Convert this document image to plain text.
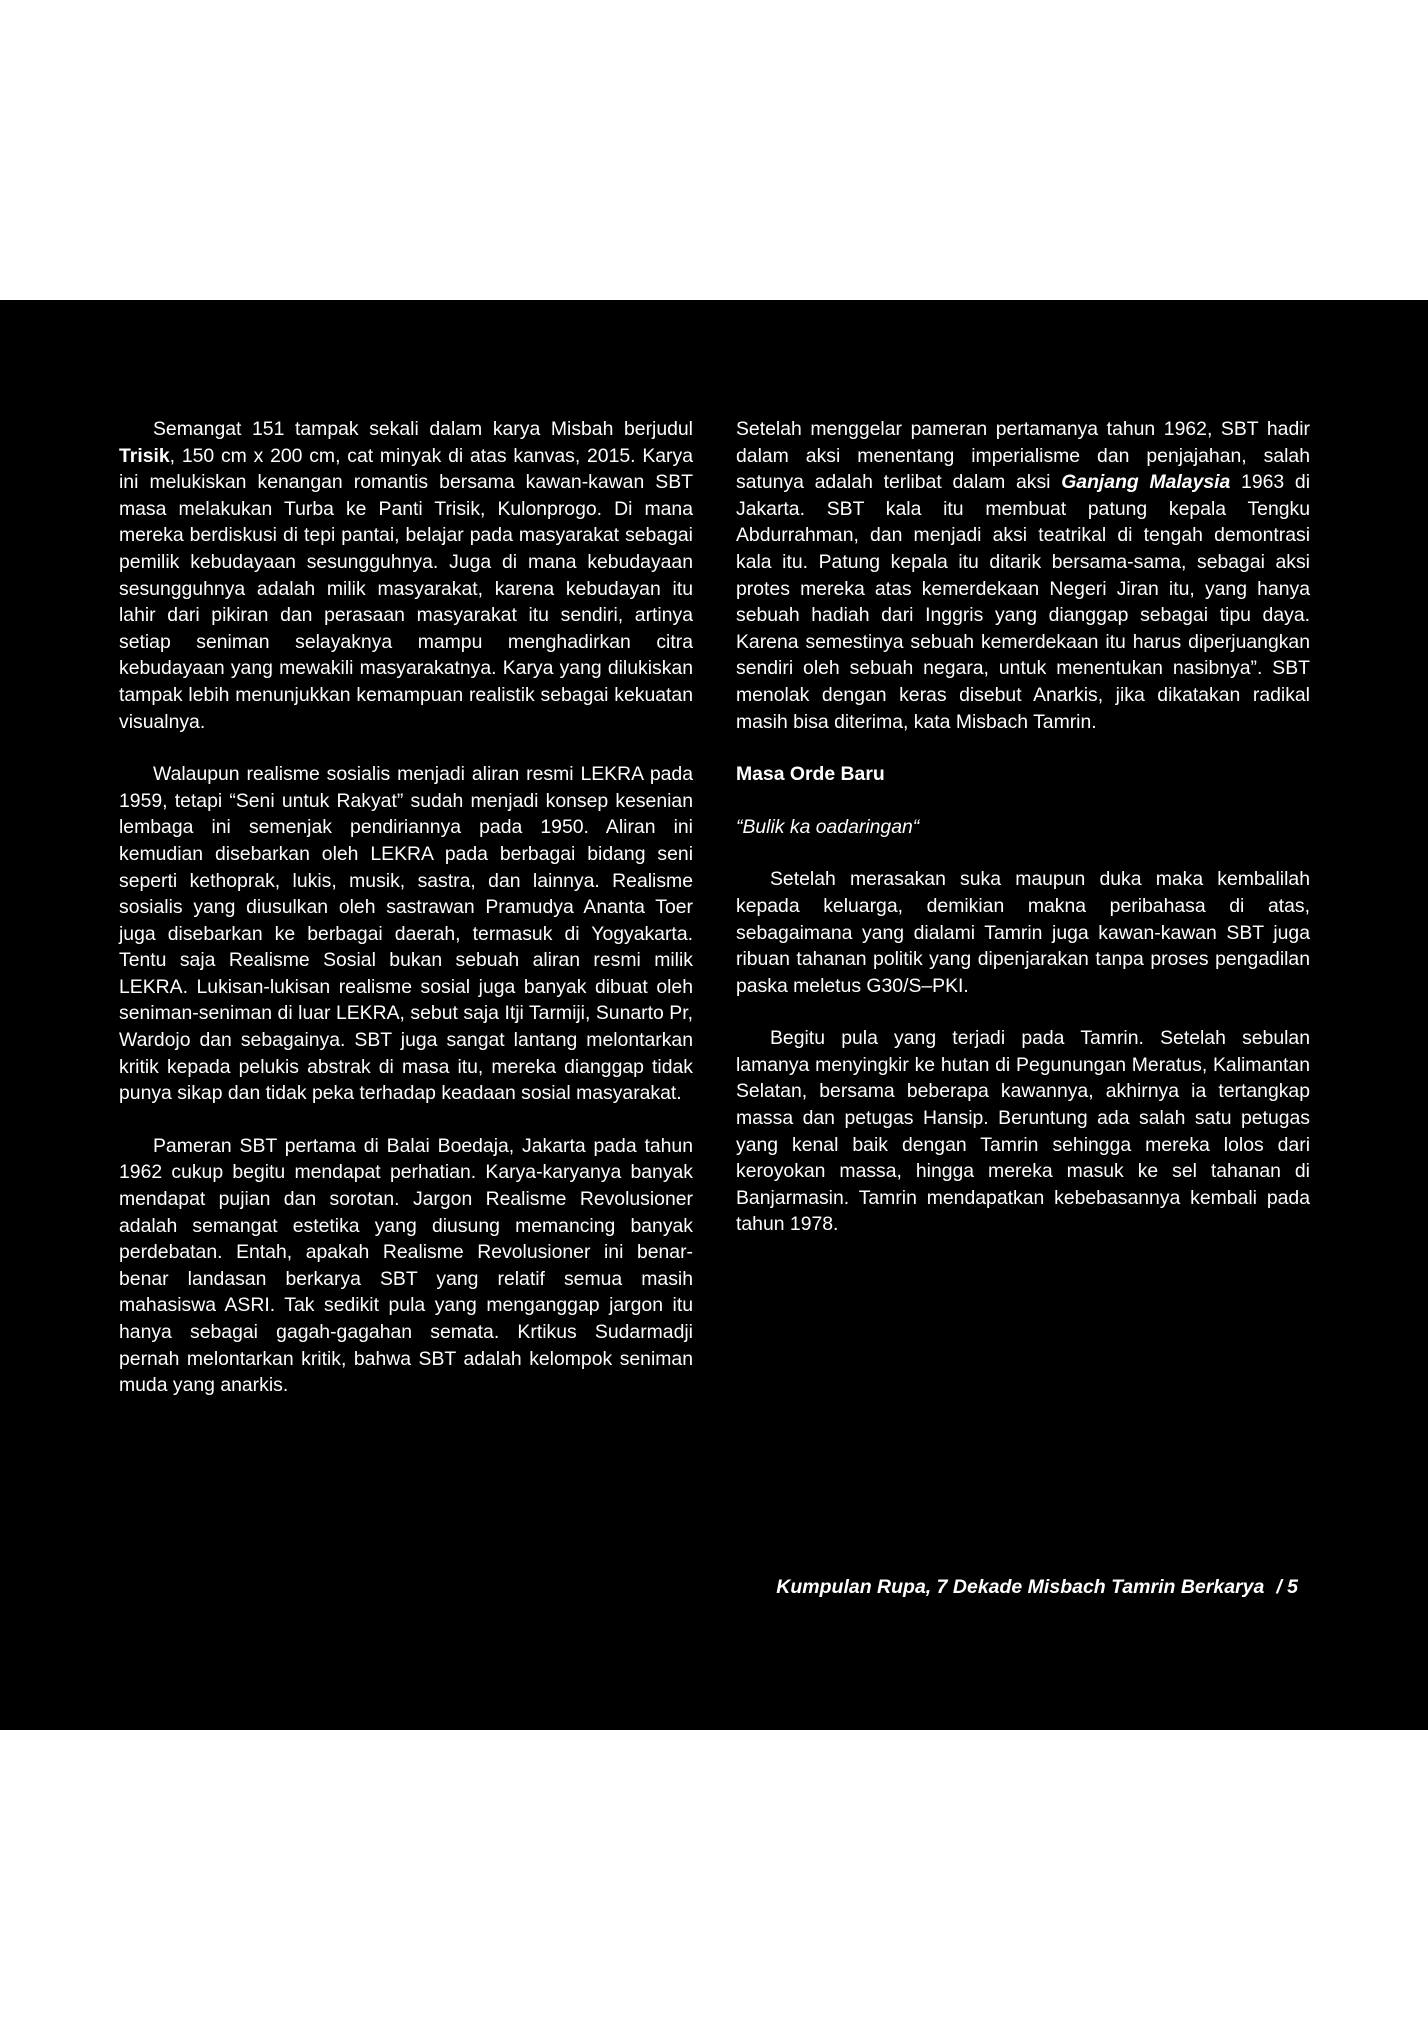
Semangat 151 tampak sekali dalam karya Misbah berjudul Trisik, 150 cm x 200 cm, cat minyak di atas kanvas, 2015. Karya ini melukiskan kenangan romantis bersama kawan-kawan SBT masa melakukan Turba ke Panti Trisik, Kulonprogo. Di mana mereka berdiskusi di tepi pantai, belajar pada masyarakat sebagai pemilik kebudayaan sesungguhnya. Juga di mana kebudayaan sesungguhnya adalah milik masyarakat, karena kebudayan itu lahir dari pikiran dan perasaan masyarakat itu sendiri, artinya setiap seniman selayaknya mampu menghadirkan citra kebudayaan yang mewakili masyarakatnya. Karya yang dilukiskan tampak lebih menunjukkan kemampuan realistik sebagai kekuatan visualnya.

Walaupun realisme sosialis menjadi aliran resmi LEKRA pada 1959, tetapi “Seni untuk Rakyat” sudah menjadi konsep kesenian lembaga ini semenjak pendiriannya pada 1950. Aliran ini kemudian disebarkan oleh LEKRA pada berbagai bidang seni seperti kethoprak, lukis, musik, sastra, dan lainnya. Realisme sosialis yang diusulkan oleh sastrawan Pramudya Ananta Toer juga disebarkan ke berbagai daerah, termasuk di Yogyakarta. Tentu saja Realisme Sosial bukan sebuah aliran resmi milik LEKRA. Lukisan-lukisan realisme sosial juga banyak dibuat oleh seniman-seniman di luar LEKRA, sebut saja Itji Tarmiji, Sunarto Pr, Wardojo dan sebagainya. SBT juga sangat lantang melontarkan kritik kepada pelukis abstrak di masa itu, mereka dianggap tidak punya sikap dan tidak peka terhadap keadaan sosial masyarakat.

Pameran SBT pertama di Balai Boedaja, Jakarta pada tahun 1962 cukup begitu mendapat perhatian. Karya-karyanya banyak mendapat pujian dan sorotan. Jargon Realisme Revolusioner adalah semangat estetika yang diusung memancing banyak perdebatan. Entah, apakah Realisme Revolusioner ini benar-benar landasan berkarya SBT yang relatif semua masih mahasiswa ASRI. Tak sedikit pula yang menganggap jargon itu hanya sebagai gagah-gagahan semata. Krtikus Sudarmadji pernah melontarkan kritik, bahwa SBT adalah kelompok seniman muda yang anarkis.

Setelah menggelar pameran pertamanya tahun 1962, SBT hadir dalam aksi menentang imperialisme dan penjajahan, salah satunya adalah terlibat dalam aksi Ganjang Malaysia 1963 di Jakarta. SBT kala itu membuat patung kepala Tengku Abdurrahman, dan menjadi aksi teatrikal di tengah demontrasi kala itu. Patung kepala itu ditarik bersama-sama, sebagai aksi protes mereka atas kemerdekaan Negeri Jiran itu, yang hanya sebuah hadiah dari Inggris yang dianggap sebagai tipu daya. Karena semestinya sebuah kemerdekaan itu harus diperjuangkan sendiri oleh sebuah negara, untuk menentukan nasibnya”. SBT menolak dengan keras disebut Anarkis, jika dikatakan radikal masih bisa diterima, kata Misbach Tamrin.

Masa Orde Baru

“Bulik ka oadaringan“

Setelah merasakan suka maupun duka maka kembalilah kepada keluarga, demikian makna peribahasa di atas, sebagaimana yang dialami Tamrin juga kawan-kawan SBT juga ribuan tahanan politik yang dipenjarakan tanpa proses pengadilan paska meletus G30/S–PKI.

Begitu pula yang terjadi pada Tamrin. Setelah sebulan lamanya menyingkir ke hutan di Pegunungan Meratus, Kalimantan Selatan, bersama beberapa kawannya, akhirnya ia tertangkap massa dan petugas Hansip. Beruntung ada salah satu petugas yang kenal baik dengan Tamrin sehingga mereka lolos dari keroyokan massa, hingga mereka masuk ke sel tahanan di Banjarmasin. Tamrin mendapatkan kebebasannya kembali pada tahun 1978.

Kumpulan Rupa, 7 Dekade Misbach Tamrin Berkarya / 5
